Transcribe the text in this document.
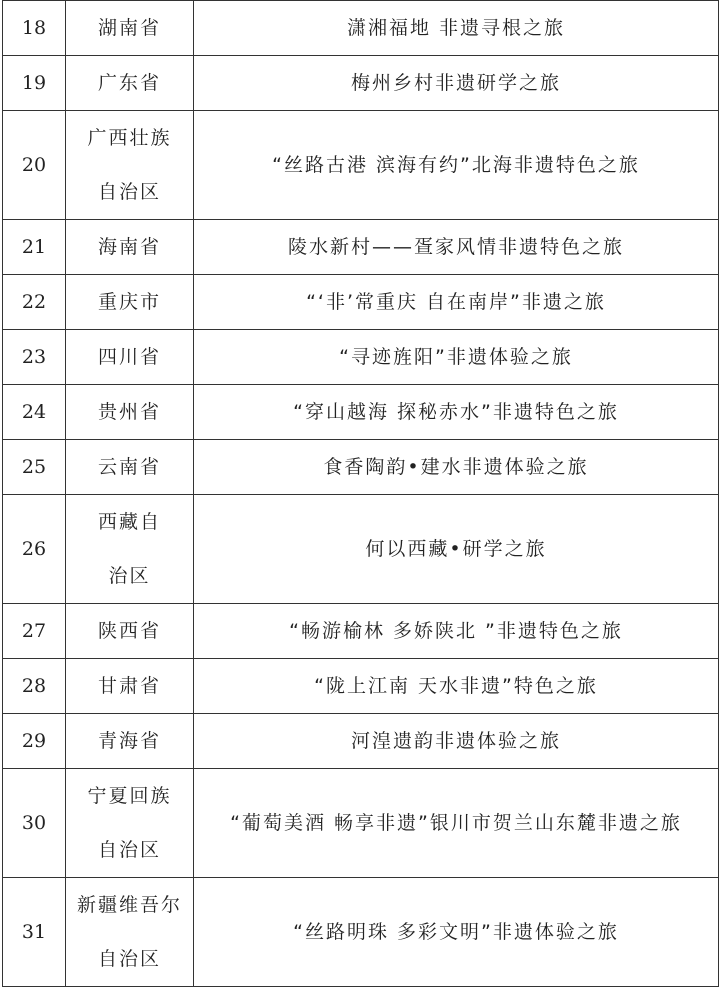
18	湖南省	潇湘福地 非遗寻根之旅
19	广东省	梅州乡村非遗研学之旅
20	广西壮族自治区	“丝路古港 滨海有约”北海非遗特色之旅
21	海南省	陵水新村——疍家风情非遗特色之旅
22	重庆市	“‘非’常重庆 自在南岸”非遗之旅
23	四川省	“寻迹旌阳”非遗体验之旅
24	贵州省	“穿山越海 探秘赤水”非遗特色之旅
25	云南省	食香陶韵•建水非遗体验之旅
26	西藏自治区	何以西藏•研学之旅
27	陕西省	“畅游榆林 多娇陕北 ”非遗特色之旅
28	甘肃省	“陇上江南 天水非遗”特色之旅
29	青海省	河湟遗韵非遗体验之旅
30	宁夏回族自治区	“葡萄美酒 畅享非遗”银川市贺兰山东麓非遗之旅
31	新疆维吾尔自治区	“丝路明珠 多彩文明”非遗体验之旅
